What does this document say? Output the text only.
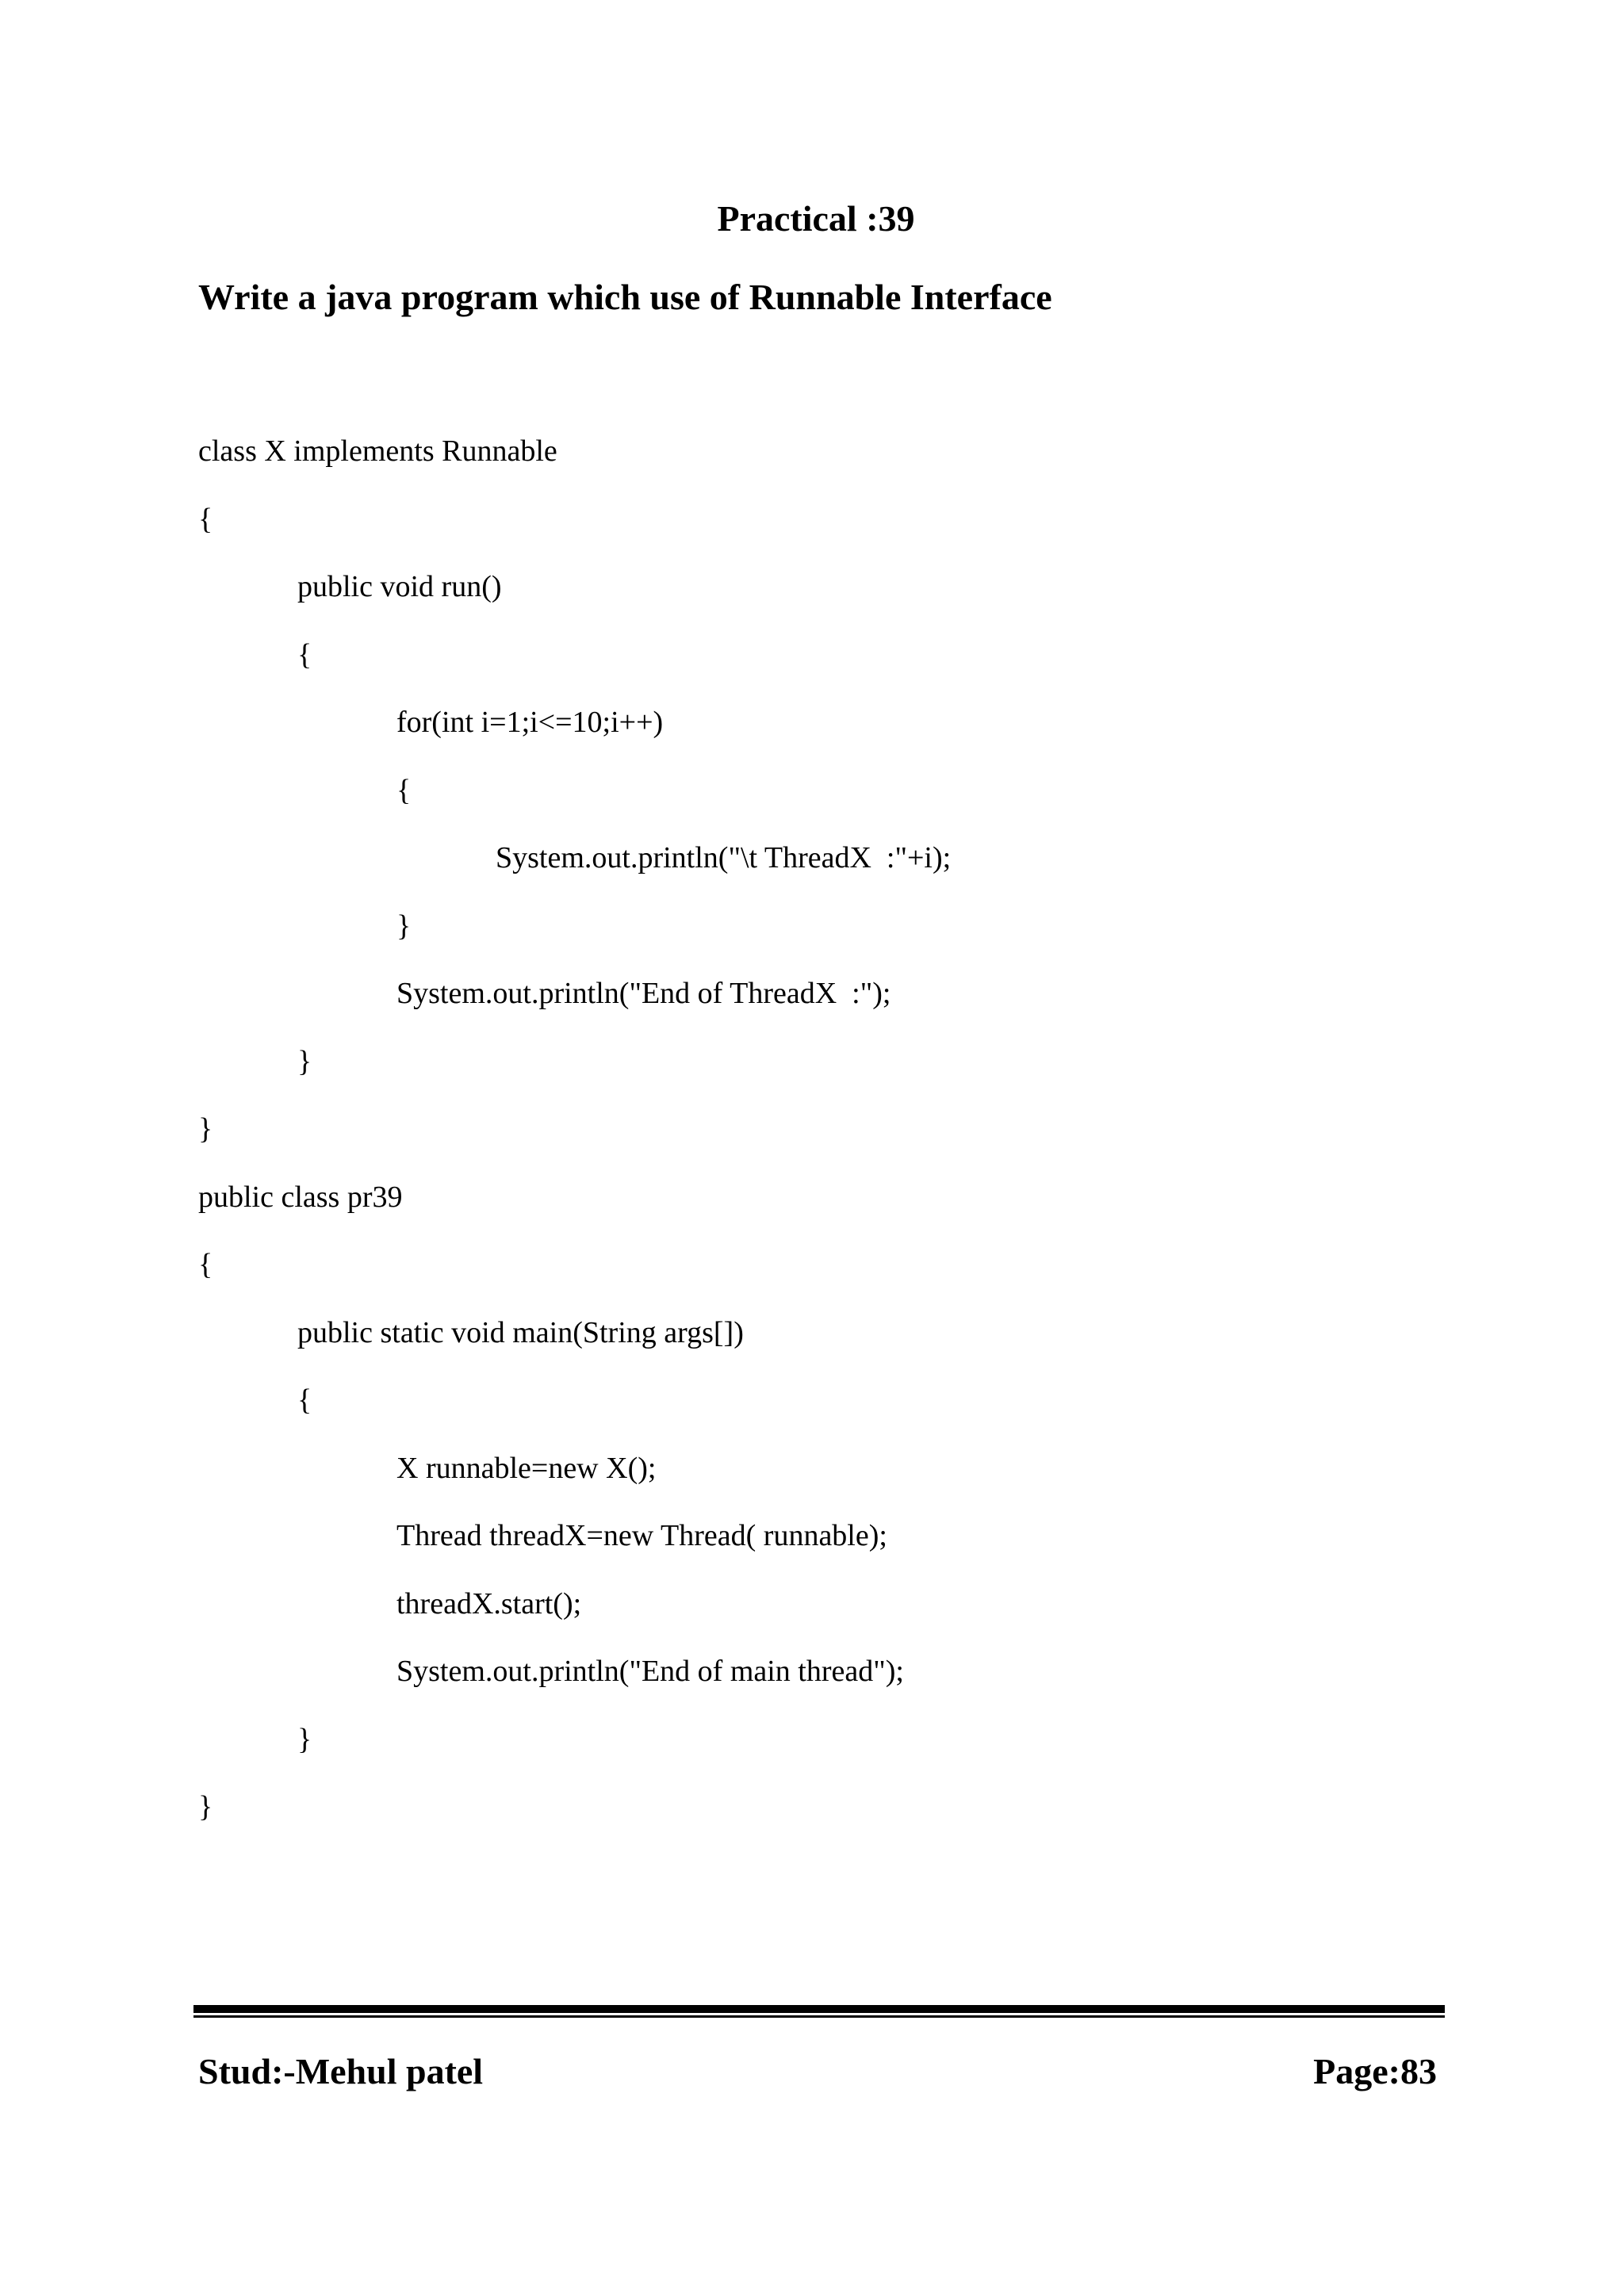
Practical :39
Write a java program which use of Runnable Interface
class X implements Runnable
{
public void run()
{
for(int i=1;i<=10;i++)
{
System.out.println("\t ThreadX  :"+i);
}
System.out.println("End of ThreadX  :");
}
}
public class pr39
{
public static void main(String args[])
{
X runnable=new X();
Thread threadX=new Thread( runnable);
threadX.start();
System.out.println("End of main thread");
}
}
Stud:-Mehul patel	Page:83
